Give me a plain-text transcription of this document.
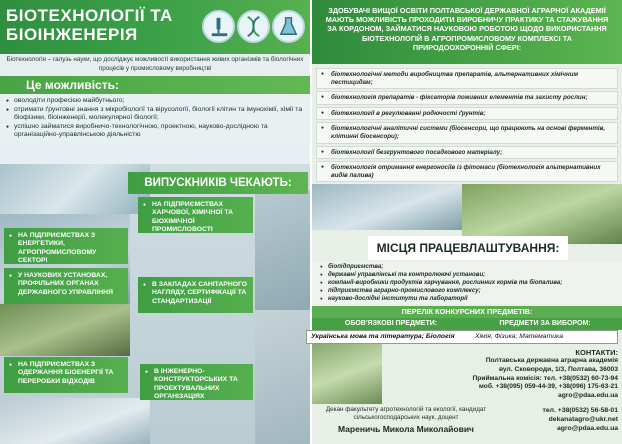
БІОТЕХНОЛОГІЇ ТА БІОІНЖЕНЕРІЯ
Біотехнологія – галузь науки, що досліджує можливості використання живих організмів та біологічних процесів у промисловому виробництві
Це можливість:
● оволодіти професією майбутнього;
● отримати ґрунтовні знання з мікробіології та вірусології, біології клітин та імунохімії, хімії та біофізики, біоінженерії, молекулярної біології;
● успішно займатися виробничо-технологічною, проектною, науково-дослідною та організаційно-управлінською діяльністю
ВИПУСКНИКІВ ЧЕКАЮТЬ:
● НА ПІДПРИЄМСТВАХ ХАРЧОВОЇ, ХІМІЧНОЇ ТА БІОХІМІЧНОЇ ПРОМИСЛОВОСТІ
● НА ПІДПРИЄМСТВАХ З ЕНЕРГЕТИКИ, АГРОПРОМИСЛОВОМУ СЕКТОРІ
● У НАУКОВИХ УСТАНОВАХ, ПРОФІЛЬНИХ ОРГАНАХ ДЕРЖАВНОГО УПРАВЛІННЯ
● В ЗАКЛАДАХ САНІТАРНОГО НАГЛЯДУ, СЕРТИФІКАЦІЇ ТА СТАНДАРТИЗАЦІЇ
● НА ПІДПРИЄМСТВАХ З ОДЕРЖАННЯ БІОЕНЕРГІЇ ТА ПЕРЕРОБКИ ВІДХОДІВ
● В ІНЖЕНЕРНО-КОНСТРУКТОРСЬКИХ ТА ПРОЕКТУВАЛЬНИХ ОРГАНІЗАЦІЯХ
ЗДОБУВАЧІ ВИЩОЇ ОСВІТИ ПОЛТАВСЬКОЇ ДЕРЖАВНОЇ АГРАРНОЇ АКАДЕМІЇ МАЮТЬ МОЖЛИВІСТЬ ПРОХОДИТИ ВИРОБНИЧУ ПРАКТИКУ ТА СТАЖУВАННЯ ЗА КОРДОНОМ, ЗАЙМАТИСЯ НАУКОВОЮ РОБОТОЮ ЩОДО ВИКОРИСТАННЯ БІОТЕХНОЛОГІЙ В АГРОПРОМИСЛОВОМУ КОМПЛЕКСІ ТА ПРИРОДООХОРОННІЙ СФЕРІ:
● біотехнологічні методи виробництва препаратів, альтернативних хімічним пестицидам;
● біотехнологія препаратів - фіксаторів поживних елементів та захисту рослин;
● біотехнології в регулюванні родючості ґрунтів;
● біотехнологічні аналітичні системи (біосенсори, що працюють на основі ферментів, клітинні біосенсори);
● біотехнології безгрунтового посадкового матеріалу;
● біотехнологія отримання енергоносіїв із фітомаси (біотехнологія альтернативних видів палива)
МІСЦЯ ПРАЦЕВЛАШТУВАННЯ:
● біопідприємства;
● державні управлінські та контролюючі установи;
● компанії-виробники продуктів харчування, рослинних кормів та біопалива;
● підприємства аграрно-промислового комплексу;
● науково-дослідні інститути та лабораторії
ПЕРЕЛІК КОНКУРСНИХ ПРЕДМЕТІВ:
ОБОВ'ЯЗКОВІ ПРЕДМЕТИ:	ПРЕДМЕТИ ЗА ВИБОРОМ:
КОНТАКТИ:
Полтавська державна аграрна академія
вул. Сковороди, 1/3, Полтава, 36003
Приймальна комісія: тел. +38(0532) 60-73-94
моб. +38(095) 059-44-39, +38(096) 175-63-21
agro@pdaa.edu.ua
Декан факультету агротехнологій та екології, кандидат сільськогосподарських наук, доцент
Мареничь Микола Миколайович
тел. +38(0532) 56-58-01
dekanatagro@ukr.net
agro@pdaa.edu.ua
Українська мова та література; Біологія	Хімія; Фізика; Математика
